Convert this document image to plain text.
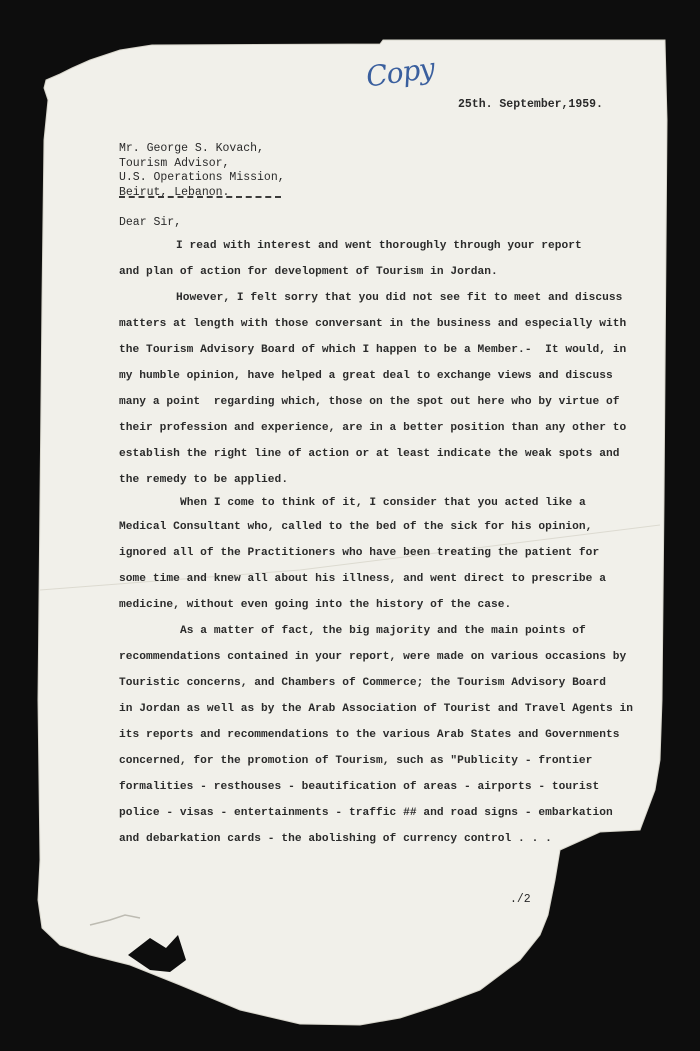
Copy
25th. September,1959.
Mr. George S. Kovach,
Tourism Advisor,
U.S. Operations Mission,
Beirut, Lebanon.
Dear Sir,
I read with interest and went thoroughly through your report
and plan of action for development of Tourism in Jordan.
However, I felt sorry that you did not see fit to meet and discuss
matters at length with those conversant in the business and especially with
the Tourism Advisory Board of which I happen to be a Member.-  It would, in
my humble opinion, have helped a great deal to exchange views and discuss
many a point  regarding which, those on the spot out here who by virtue of
their profession and experience, are in a better position than any other to
establish the right line of action or at least indicate the weak spots and
the remedy to be applied.
When I come to think of it, I consider that you acted like a
Medical Consultant who, called to the bed of the sick for his opinion,
ignored all of the Practitioners who have been treating the patient for
some time and knew all about his illness, and went direct to prescribe a
medicine, without even going into the history of the case.
As a matter of fact, the big majority and the main points of
recommendations contained in your report, were made on various occasions by
Touristic concerns, and Chambers of Commerce; the Tourism Advisory Board
in Jordan as well as by the Arab Association of Tourist and Travel Agents in
its reports and recommendations to the various Arab States and Governments
concerned, for the promotion of Tourism, such as "Publicity - frontier
formalities - resthouses - beautification of areas - airports - tourist
police - visas - entertainments - traffic ## and road signs - embarkation
and debarkation cards - the abolishing of currency control . . .
./2
